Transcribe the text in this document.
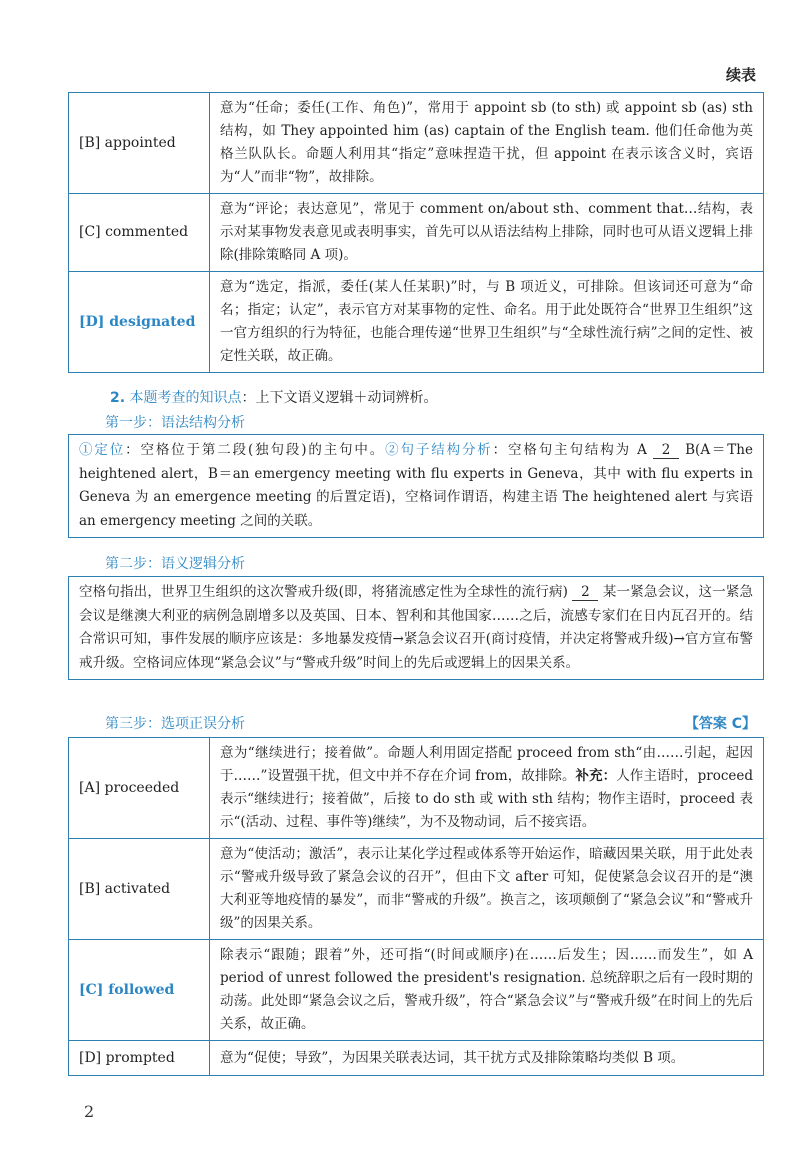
续表
[B] appointed	意为“任命；委任(工作、角色)”，常用于 appoint sb (to sth) 或 appoint sb (as) sth 结构，如 They appointed him (as) captain of the English team. 他们任命他为英格兰队队长。命题人利用其“指定”意味捏造干扰，但 appoint 在表示该含义时，宾语为“人”而非“物”，故排除。
[C] commented	意为“评论；表达意见”，常见于 comment on/about sth、comment that…结构，表示对某事物发表意见或表明事实，首先可以从语法结构上排除，同时也可从语义逻辑上排除(排除策略同 A 项)。
[D] designated	意为“选定，指派，委任(某人任某职)”时，与 B 项近义，可排除。但该词还可意为“命名；指定；认定”，表示官方对某事物的定性、命名。用于此处既符合“世界卫生组织”这一官方组织的行为特征，也能合理传递“世界卫生组织”与“全球性流行病”之间的定性、被定性关联，故正确。
2. 本题考查的知识点：上下文语义逻辑＋动词辨析。
第一步：语法结构分析
①定位：空格位于第二段(独句段)的主句中。②句子结构分析：空格句主句结构为 A 2 B(A＝The heightened alert，B＝an emergency meeting with flu experts in Geneva，其中 with flu experts in Geneva 为 an emergence meeting 的后置定语)，空格词作谓语，构建主语 The heightened alert 与宾语 an emergency meeting 之间的关联。
第二步：语义逻辑分析
空格句指出，世界卫生组织的这次警戒升级(即，将猪流感定性为全球性的流行病) 2 某一紧急会议，这一紧急会议是继澳大利亚的病例急剧增多以及英国、日本、智利和其他国家……之后，流感专家们在日内瓦召开的。结合常识可知，事件发展的顺序应该是：多地暴发疫情→紧急会议召开(商讨疫情，并决定将警戒升级)→官方宣布警戒升级。空格词应体现“紧急会议”与“警戒升级”时间上的先后或逻辑上的因果关系。
第三步：选项正误分析	【答案 C】
[A] proceeded	意为“继续进行；接着做”。命题人利用固定搭配 proceed from sth“由……引起，起因于……”设置强干扰，但文中并不存在介词 from，故排除。补充：人作主语时，proceed 表示“继续进行；接着做”，后接 to do sth 或 with sth 结构；物作主语时，proceed 表示“(活动、过程、事件等)继续”，为不及物动词，后不接宾语。
[B] activated	意为“使活动；激活”，表示让某化学过程或体系等开始运作，暗藏因果关联，用于此处表示“警戒升级导致了紧急会议的召开”，但由下文 after 可知，促使紧急会议召开的是“澳大利亚等地疫情的暴发”，而非“警戒的升级”。换言之，该项颠倒了“紧急会议”和“警戒升级”的因果关系。
[C] followed	除表示“跟随；跟着”外，还可指“(时间或顺序)在……后发生；因……而发生”，如 A period of unrest followed the president's resignation. 总统辞职之后有一段时期的动荡。此处即“紧急会议之后，警戒升级”，符合“紧急会议”与“警戒升级”在时间上的先后关系，故正确。
[D] prompted	意为“促使；导致”，为因果关联表达词，其干扰方式及排除策略均类似 B 项。
2
